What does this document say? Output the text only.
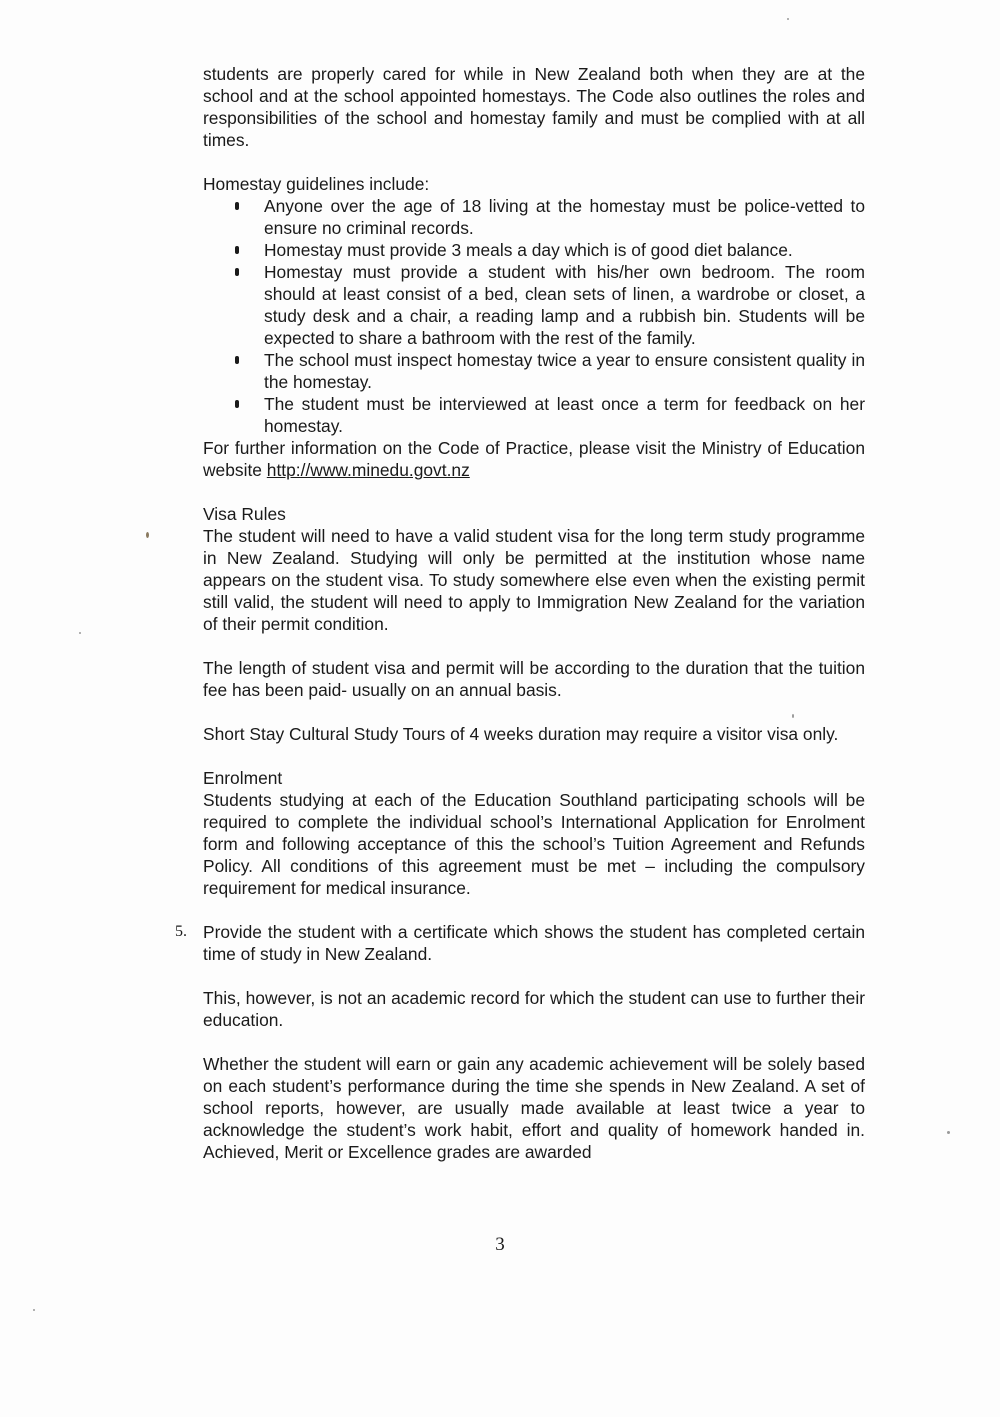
students are properly cared for while in New Zealand both when they are at the school and at the school appointed homestays. The Code also outlines the roles and responsibilities of the school and homestay family and must be complied with at all times.

Homestay guidelines include:

Anyone over the age of 18 living at the homestay must be police-vetted to ensure no criminal records.
Homestay must provide 3 meals a day which is of good diet balance.
Homestay must provide a student with his/her own bedroom. The room should at least consist of a bed, clean sets of linen, a wardrobe or closet, a study desk and a chair, a reading lamp and a rubbish bin. Students will be expected to share a bathroom with the rest of the family.
The school must inspect homestay twice a year to ensure consistent quality in the homestay.
The student must be interviewed at least once a term for feedback on her homestay.

For further information on the Code of Practice, please visit the Ministry of Education website http://www.minedu.govt.nz

Visa Rules

The student will need to have a valid student visa for the long term study programme in New Zealand. Studying will only be permitted at the institution whose name appears on the student visa. To study somewhere else even when the existing permit still valid, the student will need to apply to Immigration New Zealand for the variation of their permit condition.

The length of student visa and permit will be according to the duration that the tuition fee has been paid- usually on an annual basis.

Short Stay Cultural Study Tours of 4 weeks duration may require a visitor visa only.

Enrolment

Students studying at each of the Education Southland participating schools will be required to complete the individual school’s International Application for Enrolment form and following acceptance of this the school’s Tuition Agreement and Refunds Policy. All conditions of this agreement must be met – including the compulsory requirement for medical insurance.

5. Provide the student with a certificate which shows the student has completed certain time of study in New Zealand.

This, however, is not an academic record for which the student can use to further their education.

Whether the student will earn or gain any academic achievement will be solely based on each student’s performance during the time she spends in New Zealand. A set of school reports, however, are usually made available at least twice a year to acknowledge the student’s work habit, effort and quality of homework handed in. Achieved, Merit or Excellence grades are awarded

3
